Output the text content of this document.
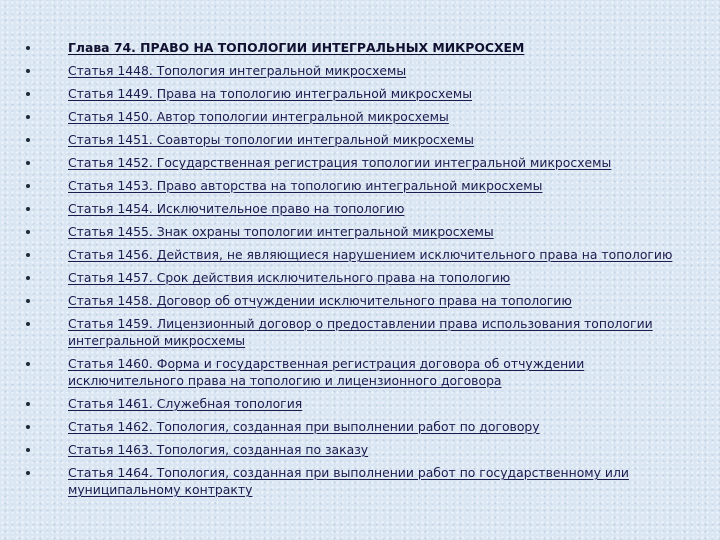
Глава 74. ПРАВО НА ТОПОЛОГИИ ИНТЕГРАЛЬНЫХ МИКРОСХЕМ
Статья 1448. Топология интегральной микросхемы
Статья 1449. Права на топологию интегральной микросхемы
Статья 1450. Автор топологии интегральной микросхемы
Статья 1451. Соавторы топологии интегральной микросхемы
Статья 1452. Государственная регистрация топологии интегральной микросхемы
Статья 1453. Право авторства на топологию интегральной микросхемы
Статья 1454. Исключительное право на топологию
Статья 1455. Знак охраны топологии интегральной микросхемы
Статья 1456. Действия, не являющиеся нарушением исключительного права на топологию
Статья 1457. Срок действия исключительного права на топологию
Статья 1458. Договор об отчуждении исключительного права на топологию
Статья 1459. Лицензионный договор о предоставлении права использования топологии интегральной микросхемы
Статья 1460. Форма и государственная регистрация договора об отчуждении исключительного права на топологию и лицензионного договора
Статья 1461. Служебная топология
Статья 1462. Топология, созданная при выполнении работ по договору
Статья 1463. Топология, созданная по заказу
Статья 1464. Топология, созданная при выполнении работ по государственному или муниципальному контракту
